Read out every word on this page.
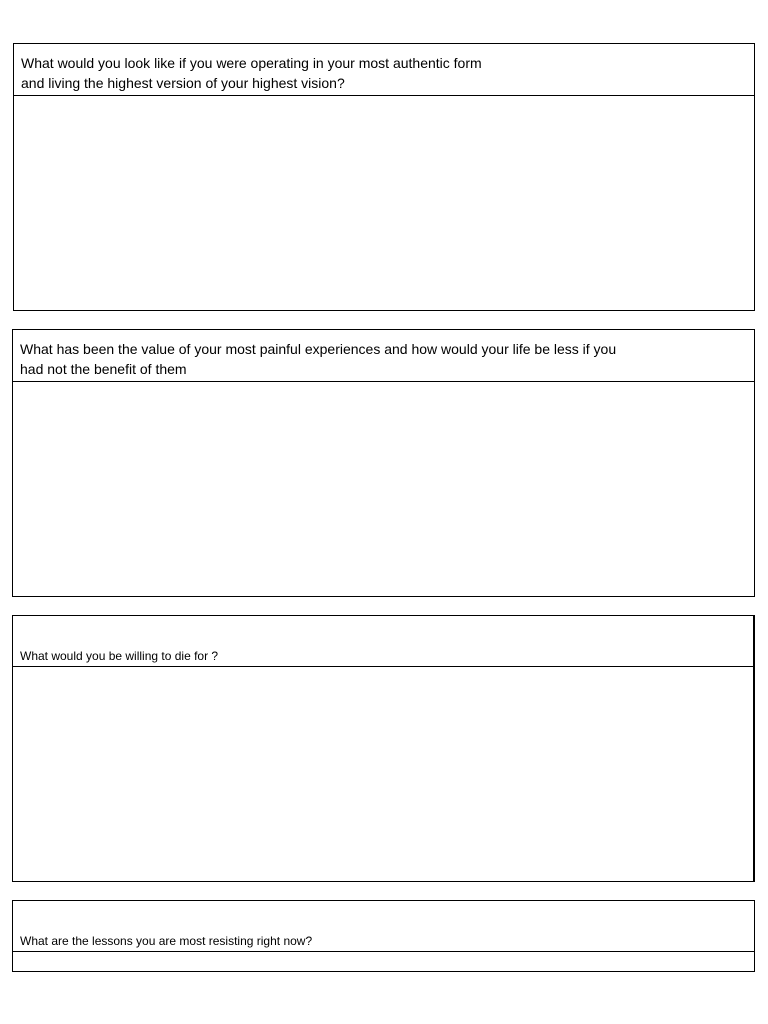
What would you look like if you were operating in your most authentic form
and living the highest version of your highest vision?
What has been the value of your most painful experiences and how would your life be less if you
had not the benefit of them
What would you be willing to die for ?
What are the lessons you are most resisting right now?
